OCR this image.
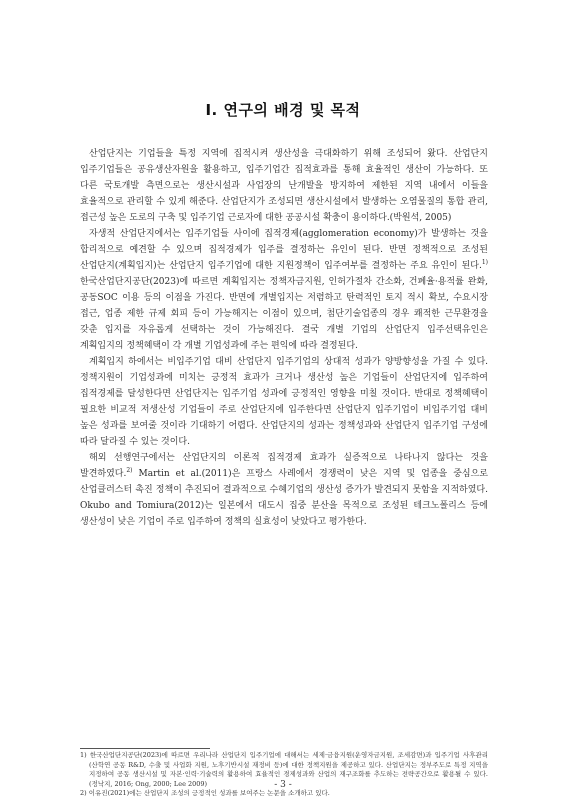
Ⅰ. 연구의 배경 및 목적

산업단지는 기업들을 특정 지역에 집적시켜 생산성을 극대화하기 위해 조성되어 왔다. 산업단지 입주기업들은 공유생산자원을 활용하고, 입주기업간 집적효과를 통해 효율적인 생산이 가능하다. 또 다른 국토개발 측면으로는 생산시설과 사업장의 난개발을 방지하여 제한된 지역 내에서 이들을 효율적으로 관리할 수 있게 해준다. 산업단지가 조성되면 생산시설에서 발생하는 오염물질의 통합 관리, 접근성 높은 도로의 구축 및 입주기업 근로자에 대한 공공시설 확충이 용이하다.(박원석, 2005)

자생적 산업단지에서는 입주기업들 사이에 집적경제(agglomeration economy)가 발생하는 것을 합리적으로 예견할 수 있으며 집적경제가 입주를 결정하는 유인이 된다. 반면 정책적으로 조성된 산업단지(계획입지)는 산업단지 입주기업에 대한 지원정책이 입주여부를 결정하는 주요 유인이 된다.$^{1)}$ 한국산업단지공단(2023)에 따르면 계획입지는 정책자금지원, 인허가절차 간소화, 건폐율·용적률 완화, 공동SOC 이용 등의 이점을 가진다. 반면에 개별입지는 저렴하고 탄력적인 토지 적시 확보, 수요시장 접근, 업종 제한 규제 회피 등이 가능해지는 이점이 있으며, 첨단기술업종의 경우 쾌적한 근무환경을 갖춘 입지를 자유롭게 선택하는 것이 가능해진다. 결국 개별 기업의 산업단지 입주선택유인은 계획입지의 정책혜택이 각 개별 기업성과에 주는 편익에 따라 결정된다.

계획입지 하에서는 비입주기업 대비 산업단지 입주기업의 상대적 성과가 양방향성을 가질 수 있다. 정책지원이 기업성과에 미치는 긍정적 효과가 크거나 생산성 높은 기업들이 산업단지에 입주하여 집적경제를 달성한다면 산업단지는 입주기업 성과에 긍정적인 영향을 미칠 것이다. 반대로 정책혜택이 필요한 비교적 저생산성 기업들이 주로 산업단지에 입주한다면 산업단지 입주기업이 비입주기업 대비 높은 성과를 보여줄 것이라 기대하기 어렵다. 산업단지의 성과는 정책성과와 산업단지 입주기업 구성에 따라 달라질 수 있는 것이다.

해외 선행연구에서는 산업단지의 이론적 집적경제 효과가 실증적으로 나타나지 않다는 것을 발견하였다.$^{2)}$ Martin et al.(2011)은 프랑스 사례에서 경쟁력이 낮은 지역 및 업종을 중심으로 산업클러스터 촉진 정책이 추진되어 결과적으로 수혜기업의 생산성 증가가 발견되지 못함을 지적하였다. Okubo and Tomiura(2012)는 일본에서 대도시 집중 분산을 목적으로 조성된 테크노폴리스 등에 생산성이 낮은 기업이 주로 입주하여 정책의 실효성이 낮았다고 평가한다.

1) 한국산업단지공단(2023)에 따르면 우리나라 산업단지 입주기업에 대해서는 세제·금융지원(운영자금지원, 조세감면)과 입주기업 사후관리(산학연 공동 R&D, 수출 및 사업화 지원, 노후기반시설 재정비 등)에 대한 정책지원을 제공하고 있다. 산업단지는 정부주도로 특정 지역을 지정하여 공동 생산시설 및 자본·인력·기술력의 활용하여 효율적인 경제성과와 산업의 재구조화를 추도하는 전략공간으로 활용될 수 있다.(정낙지, 2016; Ong, 2000; Lee 2009)

2) 이유진(2021)에는 산업단지 조성의 긍정적인 성과를 보여주는 논문을 소개하고 있다.

- 3 -
